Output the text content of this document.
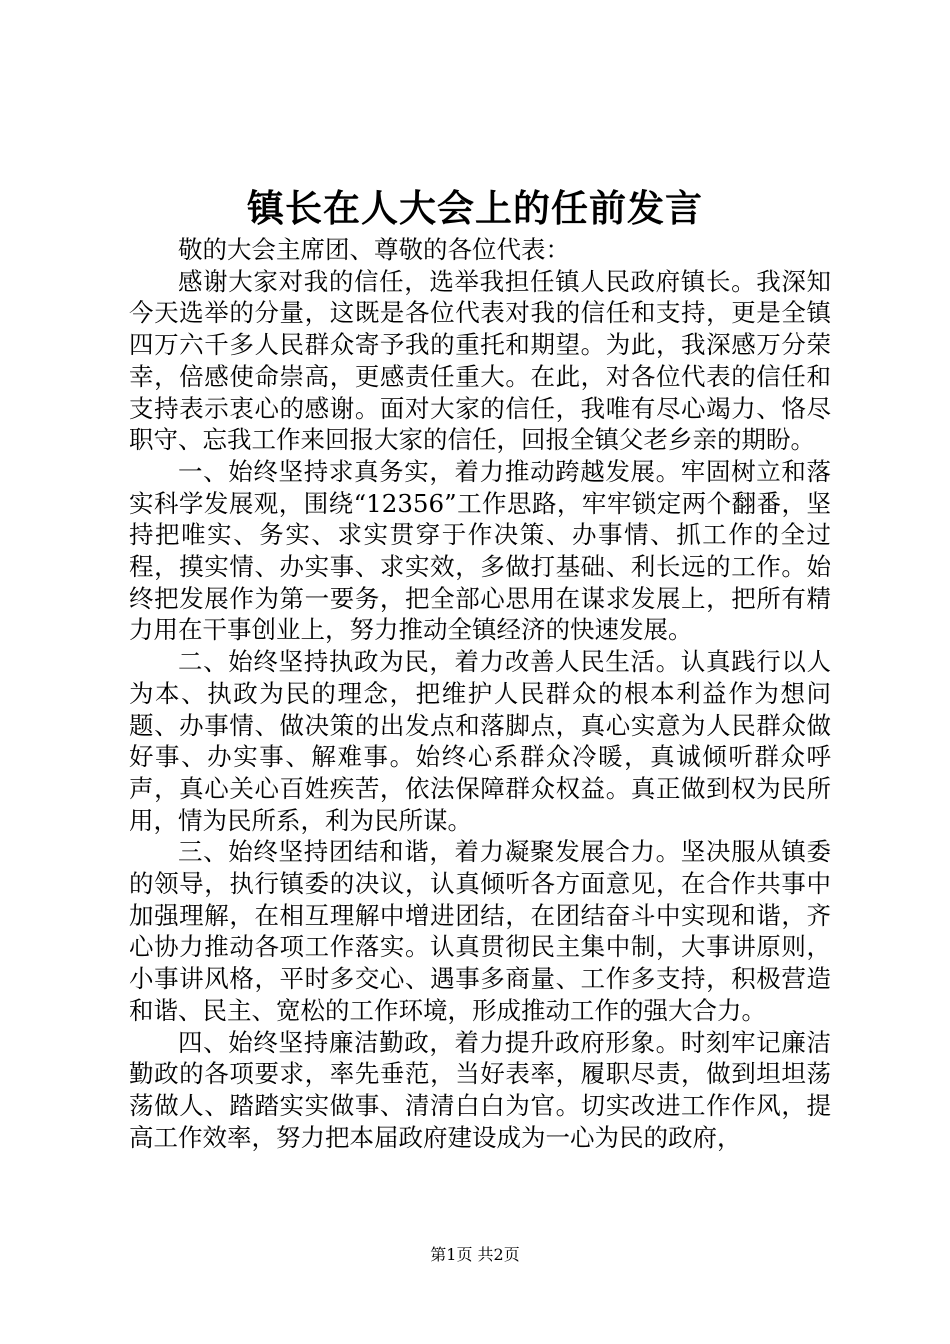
镇长在人大会上的任前发言

敬的大会主席团、尊敬的各位代表：

感谢大家对我的信任，选举我担任镇人民政府镇长。我深知今天选举的分量，这既是各位代表对我的信任和支持，更是全镇四万六千多人民群众寄予我的重托和期望。为此，我深感万分荣幸，倍感使命崇高，更感责任重大。在此，对各位代表的信任和支持表示衷心的感谢。面对大家的信任，我唯有尽心竭力、恪尽职守、忘我工作来回报大家的信任，回报全镇父老乡亲的期盼。

一、始终坚持求真务实，着力推动跨越发展。牢固树立和落实科学发展观，围绕“12356”工作思路，牢牢锁定两个翻番，坚持把唯实、务实、求实贯穿于作决策、办事情、抓工作的全过程，摸实情、办实事、求实效，多做打基础、利长远的工作。始终把发展作为第一要务，把全部心思用在谋求发展上，把所有精力用在干事创业上，努力推动全镇经济的快速发展。

二、始终坚持执政为民，着力改善人民生活。认真践行以人为本、执政为民的理念，把维护人民群众的根本利益作为想问题、办事情、做决策的出发点和落脚点，真心实意为人民群众做好事、办实事、解难事。始终心系群众冷暖，真诚倾听群众呼声，真心关心百姓疾苦，依法保障群众权益。真正做到权为民所用，情为民所系，利为民所谋。

三、始终坚持团结和谐，着力凝聚发展合力。坚决服从镇委的领导，执行镇委的决议，认真倾听各方面意见，在合作共事中加强理解，在相互理解中增进团结，在团结奋斗中实现和谐，齐心协力推动各项工作落实。认真贯彻民主集中制，大事讲原则，小事讲风格，平时多交心、遇事多商量、工作多支持，积极营造和谐、民主、宽松的工作环境，形成推动工作的强大合力。

四、始终坚持廉洁勤政，着力提升政府形象。时刻牢记廉洁勤政的各项要求，率先垂范，当好表率，履职尽责，做到坦坦荡荡做人、踏踏实实做事、清清白白为官。切实改进工作作风，提高工作效率，努力把本届政府建设成为一心为民的政府，

第1页 共2页
